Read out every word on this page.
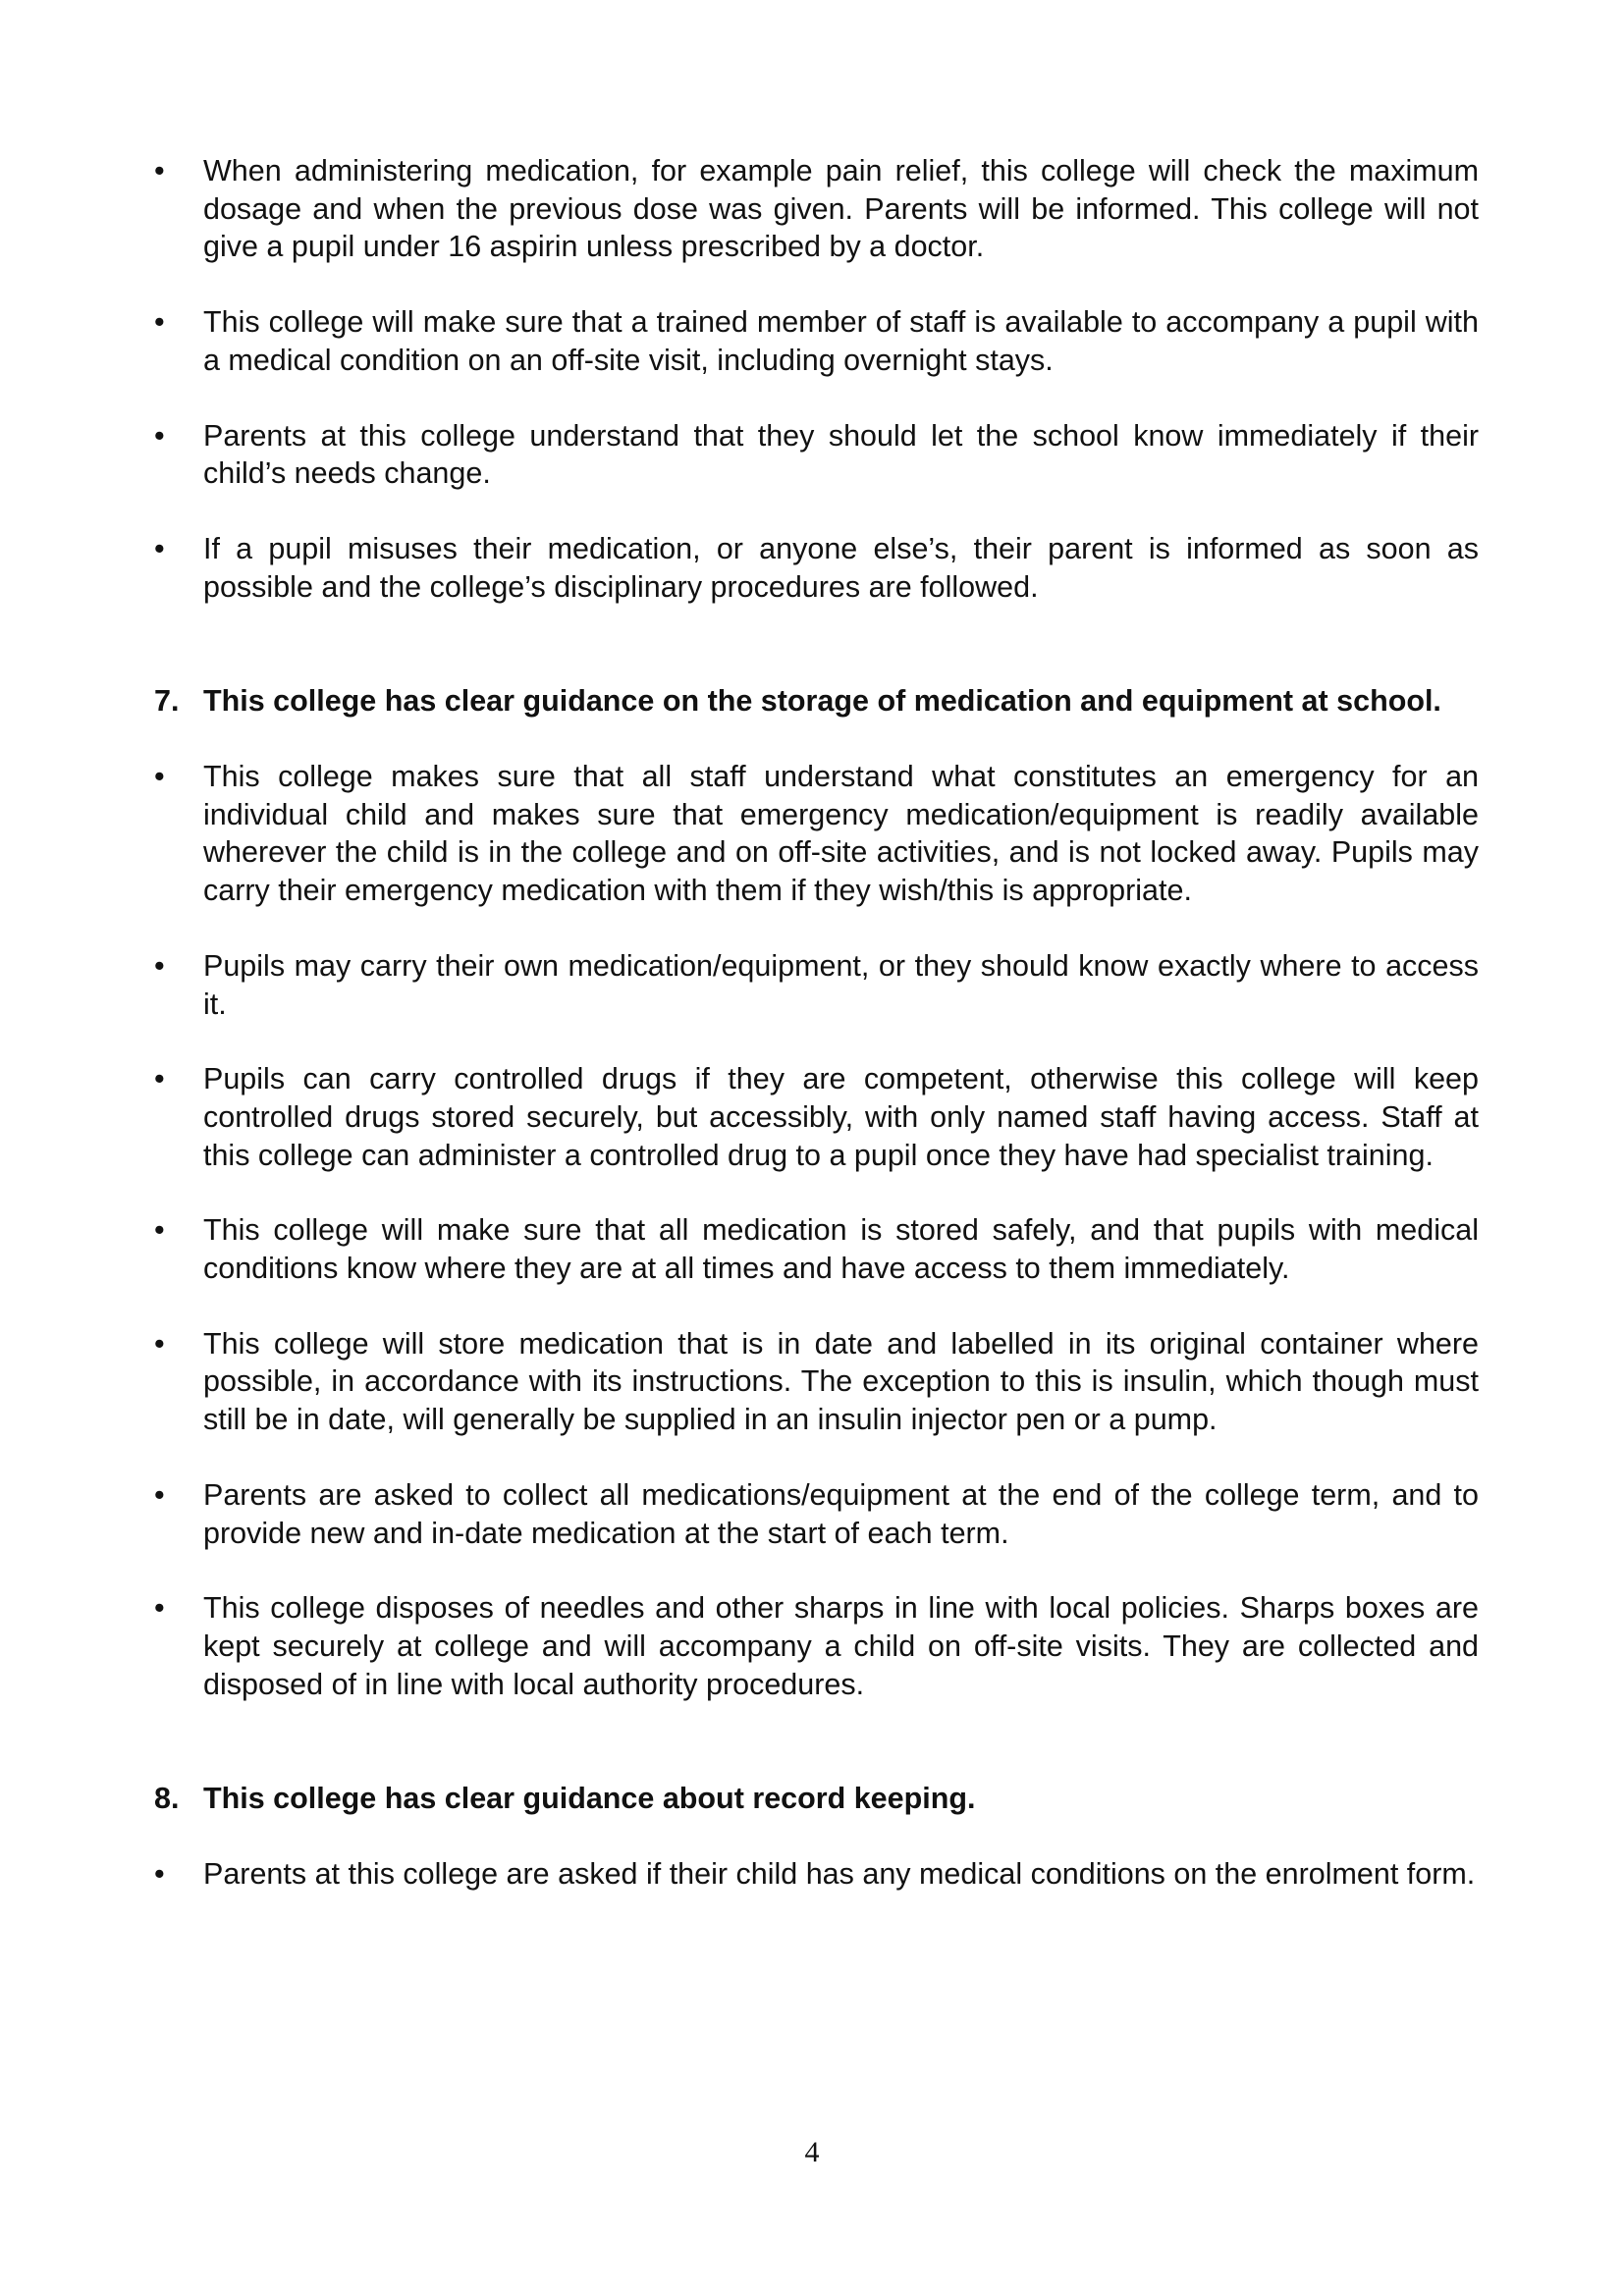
•	When administering medication, for example pain relief, this college will check the maximum dosage and when the previous dose was given. Parents will be informed. This college will not give a pupil under 16 aspirin unless prescribed by a doctor.
•	This college will make sure that a trained member of staff is available to accompany a pupil with a medical condition on an off-site visit, including overnight stays.
•	Parents at this college understand that they should let the school know immediately if their child’s needs change.
•	If a pupil misuses their medication, or anyone else’s, their parent is informed as soon as possible and the college’s disciplinary procedures are followed.
7. This college has clear guidance on the storage of medication and equipment at school.
•	This college makes sure that all staff understand what constitutes an emergency for an individual child and makes sure that emergency medication/equipment is readily available wherever the child is in the college and on off-site activities, and is not locked away. Pupils may carry their emergency medication with them if they wish/this is appropriate.
•	Pupils may carry their own medication/equipment, or they should know exactly where to access it.
•	Pupils can carry controlled drugs if they are competent, otherwise this college will keep controlled drugs stored securely, but accessibly, with only named staff having access. Staff at this college can administer a controlled drug to a pupil once they have had specialist training.
•	This college will make sure that all medication is stored safely, and that pupils with medical conditions know where they are at all times and have access to them immediately.
•	This college will store medication that is in date and labelled in its original container where possible, in accordance with its instructions. The exception to this is insulin, which though must still be in date, will generally be supplied in an insulin injector pen or a pump.
•	Parents are asked to collect all medications/equipment at the end of the college term, and to provide new and in-date medication at the start of each term.
•	This college disposes of needles and other sharps in line with local policies. Sharps boxes are kept securely at college and will accompany a child on off-site visits. They are collected and disposed of in line with local authority procedures.
8. This college has clear guidance about record keeping.
•	Parents at this college are asked if their child has any medical conditions on the enrolment form.
4
